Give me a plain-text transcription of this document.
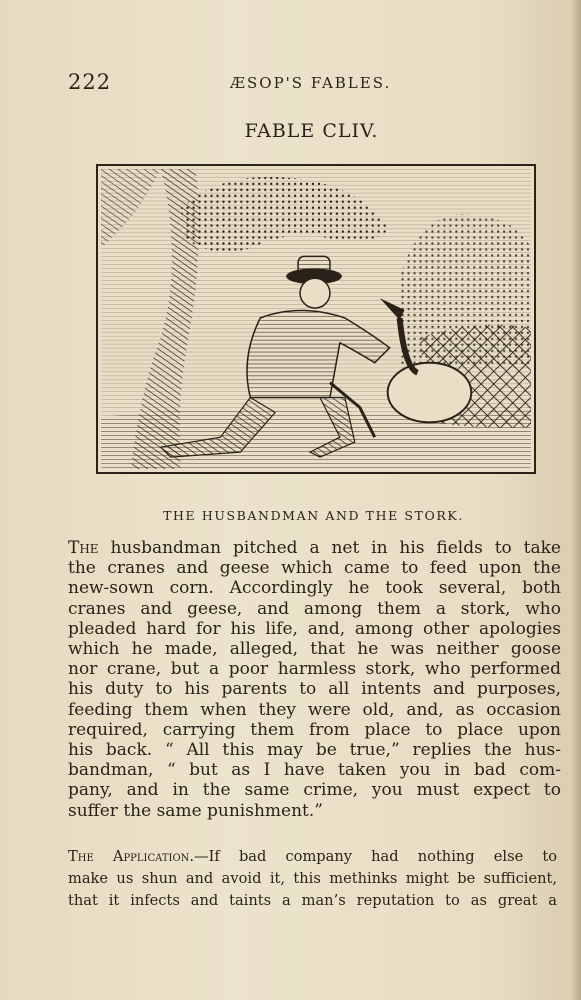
222	ÆSOP'S FABLES.
FABLE CLIV.
THE HUSBANDMAN AND THE STORK.
The husbandman pitched a net in his fields to take
the cranes and geese which came to feed upon the
new-sown corn. Accordingly he took several, both
cranes and geese, and among them a stork, who
pleaded hard for his life, and, among other apologies
which he made, alleged, that he was neither goose
nor crane, but a poor harmless stork, who performed
his duty to his parents to all intents and purposes,
feeding them when they were old, and, as occasion
required, carrying them from place to place upon
his back. “ All this may be true,” replies the hus-
bandman, “ but as I have taken you in bad com-
pany, and in the same crime, you must expect to
suffer the same punishment.”
The Application.—If bad company had nothing else to
make us shun and avoid it, this methinks might be sufficient,
that it infects and taints a man’s reputation to as great a
